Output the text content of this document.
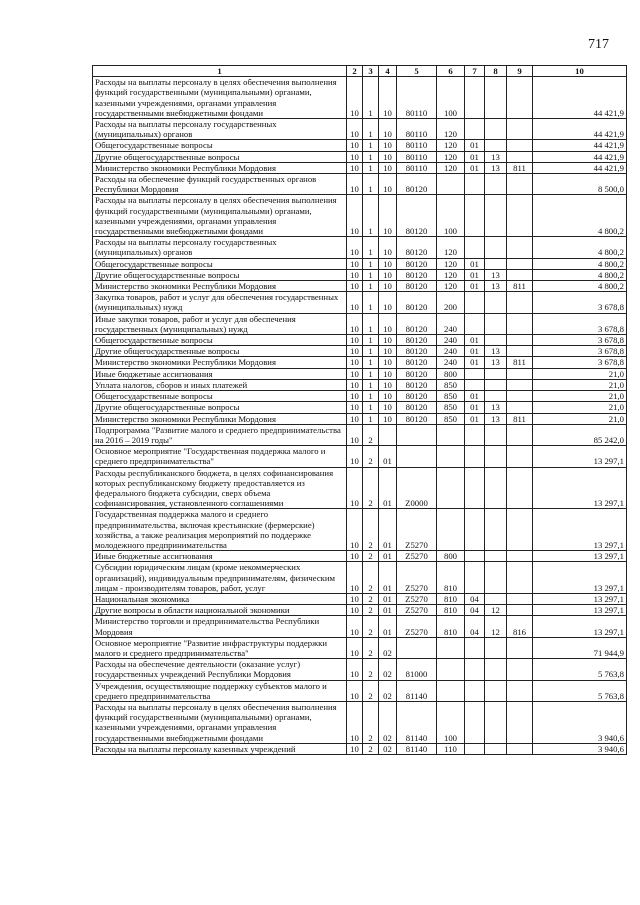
717
1	2	3	4	5	6	7	8	9	10
Расходы на выплаты персоналу в целях обеспечения выполнения функций государственными (муниципальными) органами, казенными учреждениями, органами управления государственными внебюджетными фондами	10	1	10	80110	100				44 421,9
Расходы на выплаты персоналу государственных (муниципальных) органов	10	1	10	80110	120				44 421,9
Общегосударственные вопросы	10	1	10	80110	120	01			44 421,9
Другие общегосударственные вопросы	10	1	10	80110	120	01	13		44 421,9
Министерство экономики Республики Мордовия	10	1	10	80110	120	01	13	811	44 421,9
Расходы на обеспечение функций государственных органов Республики Мордовия	10	1	10	80120					8 500,0
Расходы на выплаты персоналу в целях обеспечения выполнения функций государственными (муниципальными) органами, казенными учреждениями, органами управления государственными внебюджетными фондами	10	1	10	80120	100				4 800,2
Расходы на выплаты персоналу государственных (муниципальных) органов	10	1	10	80120	120				4 800,2
Общегосударственные вопросы	10	1	10	80120	120	01			4 800,2
Другие общегосударственные вопросы	10	1	10	80120	120	01	13		4 800,2
Министерство экономики Республики Мордовия	10	1	10	80120	120	01	13	811	4 800,2
Закупка товаров, работ и услуг для обеспечения государственных (муниципальных) нужд	10	1	10	80120	200				3 678,8
Иные закупки товаров, работ и услуг для обеспечения государственных (муниципальных) нужд	10	1	10	80120	240				3 678,8
Общегосударственные вопросы	10	1	10	80120	240	01			3 678,8
Другие общегосударственные вопросы	10	1	10	80120	240	01	13		3 678,8
Министерство экономики Республики Мордовия	10	1	10	80120	240	01	13	811	3 678,8
Иные бюджетные ассигнования	10	1	10	80120	800				21,0
Уплата налогов, сборов и иных платежей	10	1	10	80120	850				21,0
Общегосударственные вопросы	10	1	10	80120	850	01			21,0
Другие общегосударственные вопросы	10	1	10	80120	850	01	13		21,0
Министерство экономики Республики Мордовия	10	1	10	80120	850	01	13	811	21,0
Подпрограмма "Развитие малого и среднего предпринимательства на 2016 – 2019 годы"	10	2							85 242,0
Основное мероприятие "Государственная поддержка малого и среднего предпринимательства"	10	2	01						13 297,1
Расходы республиканского бюджета, в целях софинансирования которых республиканскому бюджету предоставляется из федерального бюджета субсидии, сверх объема софинансирования, установленного соглашениями	10	2	01	Z0000					13 297,1
Государственная поддержка малого и среднего предпринимательства, включая крестьянские (фермерские) хозяйства, а также реализация мероприятий по поддержке молодежного предпринимательства	10	2	01	Z5270					13 297,1
Иные бюджетные ассигнования	10	2	01	Z5270	800				13 297,1
Субсидии юридическим лицам (кроме некоммерческих организаций), индивидуальным предпринимателям, физическим лицам - производителям товаров, работ, услуг	10	2	01	Z5270	810				13 297,1
Национальная экономика	10	2	01	Z5270	810	04			13 297,1
Другие вопросы в области национальной экономики	10	2	01	Z5270	810	04	12		13 297,1
Министерство торговли и предпринимательства Республики Мордовия	10	2	01	Z5270	810	04	12	816	13 297,1
Основное мероприятие "Развитие инфраструктуры поддержки малого и среднего предпринимательства"	10	2	02						71 944,9
Расходы на обеспечение деятельности (оказание услуг) государственных учреждений Республики Мордовия	10	2	02	81000					5 763,8
Учреждения, осуществляющие поддержку субъектов малого и среднего предпринимательства	10	2	02	81140					5 763,8
Расходы на выплаты персоналу в целях обеспечения выполнения функций государственными (муниципальными) органами, казенными учреждениями, органами управления государственными внебюджетными фондами	10	2	02	81140	100				3 940,6
Расходы на выплаты персоналу казенных учреждений	10	2	02	81140	110				3 940,6
